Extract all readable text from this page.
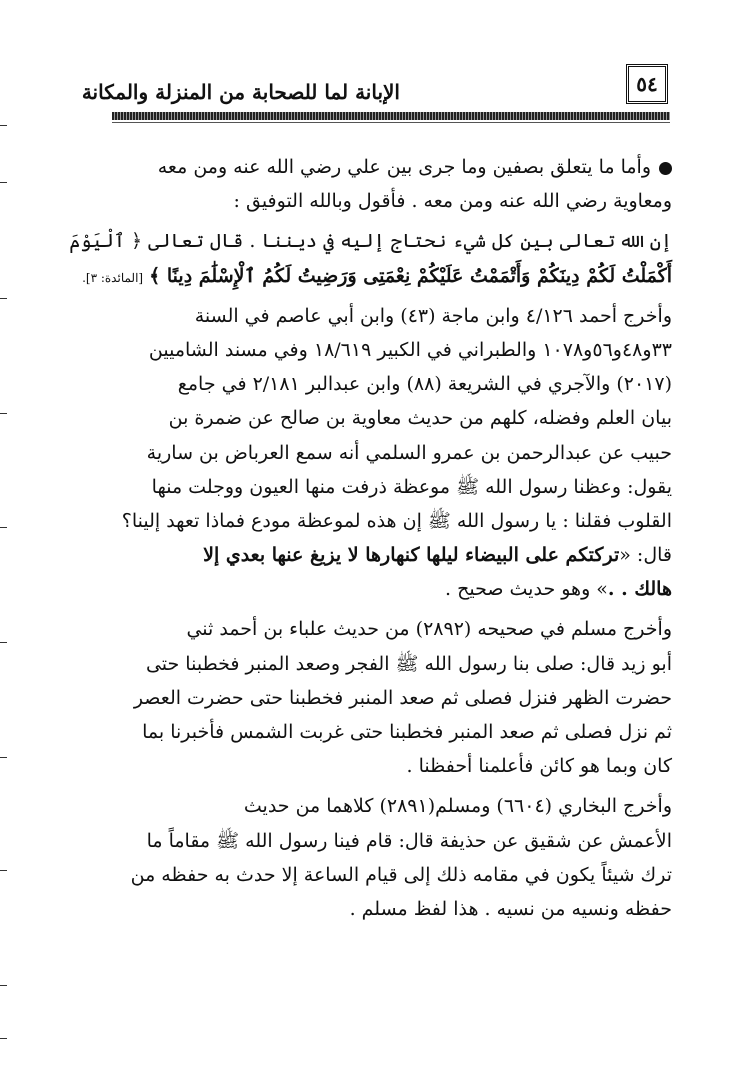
٥٤
الإبانة لما للصحابة من المنزلة والمكانة
وأما ما يتعلق بصفين وما جرى بين علي رضي الله عنه ومن معه
ومعاوية رضي الله عنه ومن معه . فأقول وبالله التوفيق :
إن الله تعالى بين كل شيء نحتاج إليه في ديننا . قال تعالى ﴿ ٱلْيَوْمَ
أَكْمَلْتُ لَكُمْ دِينَكُمْ وَأَتْمَمْتُ عَلَيْكُمْ نِعْمَتِى وَرَضِيتُ لَكُمُ ٱلْإِسْلَٰمَ دِينًا ﴾ [المائدة: ٣].
وأخرج أحمد ٤/١٢٦ وابن ماجة (٤٣) وابن أبي عاصم في السنة
٣٣و٤٨و٥٦و١٠٧٨ والطبراني في الكبير ١٨/٦١٩ وفي مسند الشاميين
(٢٠١٧) والآجري في الشريعة (٨٨) وابن عبدالبر ٢/١٨١ في جامع
بيان العلم وفضله، كلهم من حديث معاوية بن صالح عن ضمرة بن
حبيب عن عبدالرحمن بن عمرو السلمي أنه سمع العرباض بن سارية
يقول: وعظنا رسول الله ﷺ موعظة ذرفت منها العيون ووجلت منها
القلوب فقلنا : يا رسول الله ﷺ إن هذه لموعظة مودع فماذا تعهد إلينا؟
قال: «تركتكم على البيضاء ليلها كنهارها لا يزيغ عنها بعدي إلا
هالك . .» وهو حديث صحيح .
وأخرج مسلم في صحيحه (٢٨٩٢) من حديث علباء بن أحمد ثني
أبو زيد قال: صلى بنا رسول الله ﷺ الفجر وصعد المنبر فخطبنا حتى
حضرت الظهر فنزل فصلى ثم صعد المنبر فخطبنا حتى حضرت العصر
ثم نزل فصلى ثم صعد المنبر فخطبنا حتى غربت الشمس فأخبرنا بما
كان وبما هو كائن فأعلمنا أحفظنا .
وأخرج البخاري (٦٦٠٤) ومسلم(٢٨٩١) كلاهما من حديث
الأعمش عن شقيق عن حذيفة قال: قام فينا رسول الله ﷺ مقاماً ما
ترك شيئاً يكون في مقامه ذلك إلى قيام الساعة إلا حدث به حفظه من
حفظه ونسيه من نسيه . هذا لفظ مسلم .
